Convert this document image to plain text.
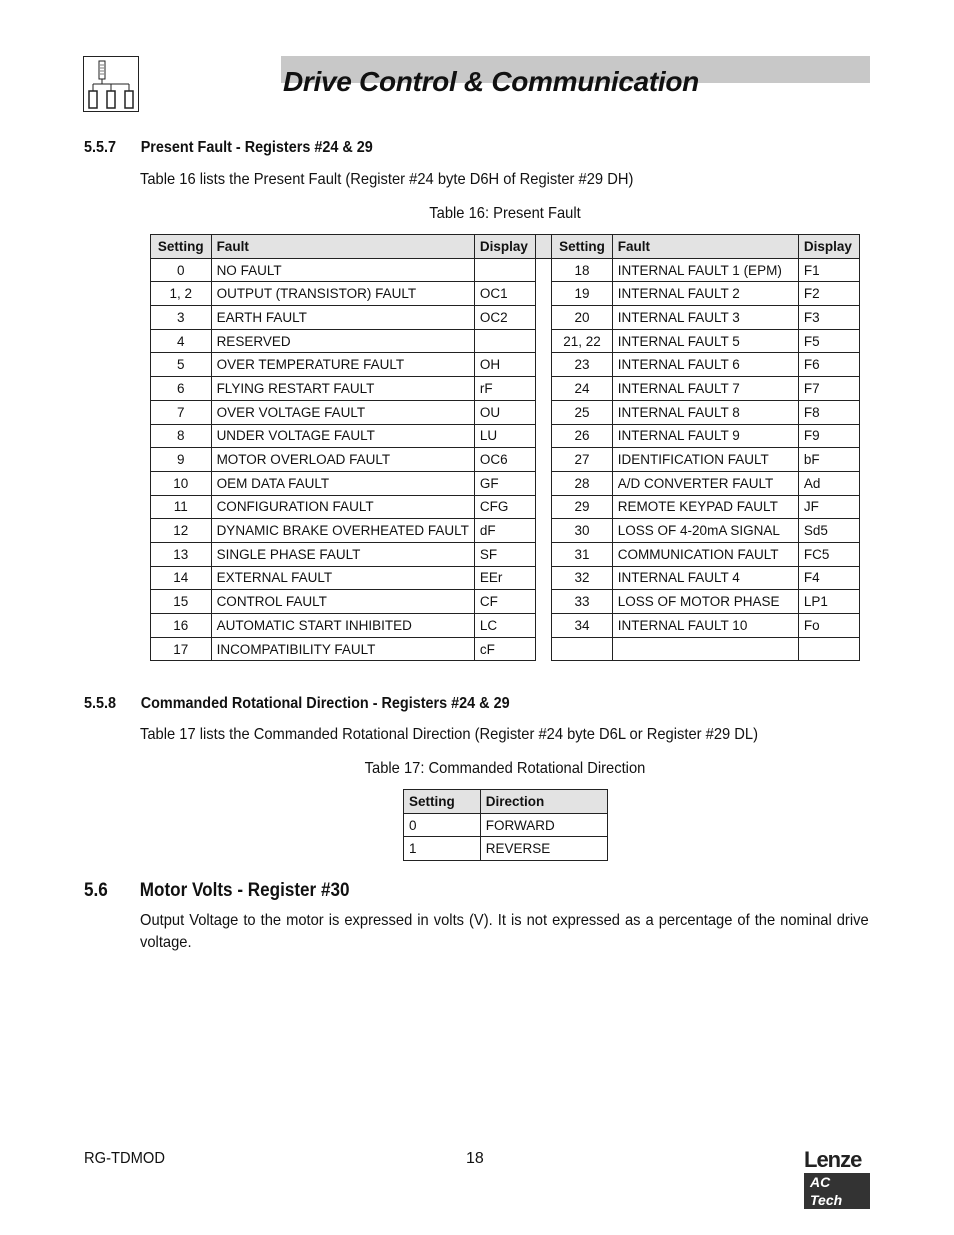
Drive Control & Communication
5.5.7 Present Fault - Registers #24 & 29
Table 16 lists the Present Fault (Register #24 byte D6H of Register #29 DH)
Table 16: Present Fault
Setting	Fault	Display		Setting	Fault	Display
0	NO FAULT			18	INTERNAL FAULT 1 (EPM)	F1
1, 2	OUTPUT (TRANSISTOR) FAULT	OC1		19	INTERNAL FAULT 2	F2
3	EARTH FAULT	OC2		20	INTERNAL FAULT 3	F3
4	RESERVED			21, 22	INTERNAL FAULT 5	F5
5	OVER TEMPERATURE FAULT	OH		23	INTERNAL FAULT 6	F6
6	FLYING RESTART FAULT	rF		24	INTERNAL FAULT 7	F7
7	OVER VOLTAGE FAULT	OU		25	INTERNAL FAULT 8	F8
8	UNDER VOLTAGE FAULT	LU		26	INTERNAL FAULT 9	F9
9	MOTOR OVERLOAD FAULT	OC6		27	IDENTIFICATION FAULT	bF
10	OEM DATA FAULT	GF		28	A/D CONVERTER FAULT	Ad
11	CONFIGURATION FAULT	CFG		29	REMOTE KEYPAD FAULT	JF
12	DYNAMIC BRAKE OVERHEATED FAULT	dF		30	LOSS OF 4-20mA SIGNAL	Sd5
13	SINGLE PHASE FAULT	SF		31	COMMUNICATION FAULT	FC5
14	EXTERNAL FAULT	EEr		32	INTERNAL FAULT 4	F4
15	CONTROL FAULT	CF		33	LOSS OF MOTOR PHASE	LP1
16	AUTOMATIC START INHIBITED	LC		34	INTERNAL FAULT 10	Fo
17	INCOMPATIBILITY FAULT	cF				
5.5.8 Commanded Rotational Direction - Registers #24 & 29
Table 17 lists the Commanded Rotational Direction (Register #24 byte D6L or Register #29 DL)
Table 17: Commanded Rotational Direction
Setting	Direction
0	FORWARD
1	REVERSE
5.6 Motor Volts - Register #30
Output Voltage to the motor is expressed in volts (V). It is not expressed as a percentage of the nominal drive voltage.
RG-TDMOD	18	Lenze
AC Tech
